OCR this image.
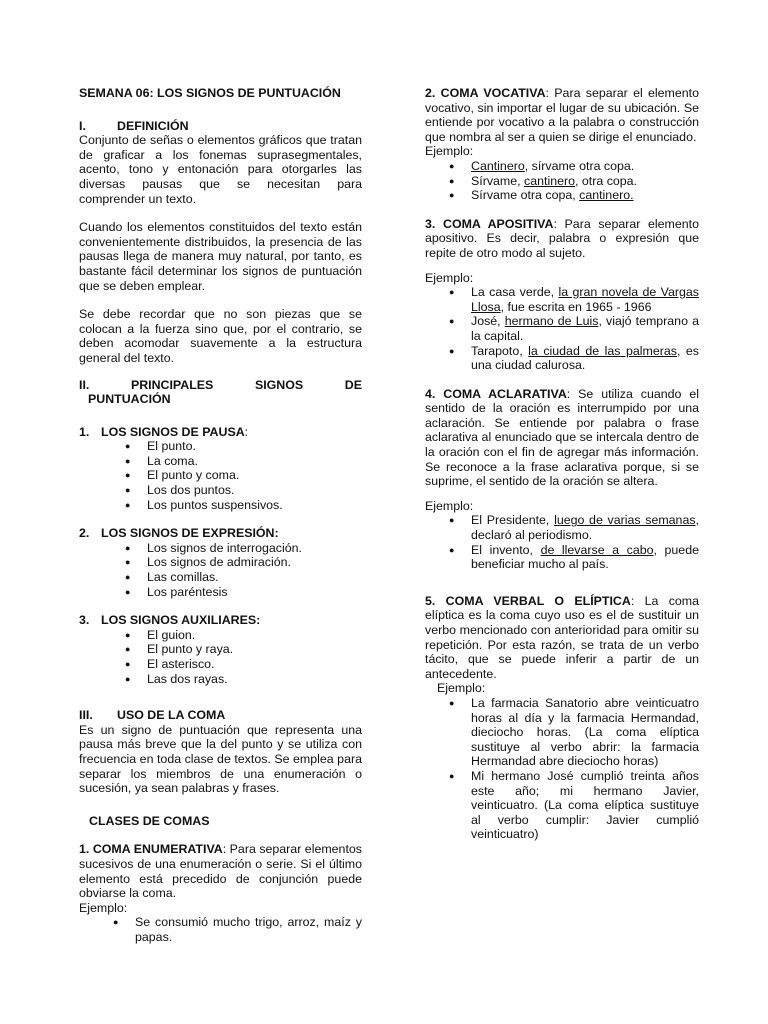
SEMANA 06: LOS SIGNOS DE PUNTUACIÓN

I.	DEFINICIÓN

Conjunto de señas o elementos gráficos que tratan de graficar a los fonemas suprasegmentales, acento, tono y entonación para otorgarles las diversas pausas que se necesitan para comprender un texto.

Cuando los elementos constituidos del texto están convenientemente distribuidos, la presencia de las pausas llega de manera muy natural, por tanto, es bastante fácil determinar los signos de puntuación que se deben emplear.

Se debe recordar que no son piezas que se colocan a la fuerza sino que, por el contrario, se deben acomodar suavemente a la estructura general del texto.

II.	PRINCIPALES	SIGNOS	DE
PUNTUACIÓN
1. LOS SIGNOS DE PAUSA:
● El punto.
● La coma.
● El punto y coma.
● Los dos puntos.
● Los puntos suspensivos.
2. LOS SIGNOS DE EXPRESIÓN:
● Los signos de interrogación.
● Los signos de admiración.
● Las comillas.
● Los paréntesis
3. LOS SIGNOS AUXILIARES:
● El guion.
● El punto y raya.
● El asterisco.
● Las dos rayas.
III.	USO DE LA COMA

Es un signo de puntuación que representa una pausa más breve que la del punto y se utiliza con frecuencia en toda clase de textos. Se emplea para separar los miembros de una enumeración o sucesión, ya sean palabras y frases.

CLASES DE COMAS

1. COMA ENUMERATIVA: Para separar elementos sucesivos de una enumeración o serie. Si el último elemento está precedido de conjunción puede obviarse la coma.

Ejemplo:

● Se consumió mucho trigo, arroz, maíz y papas.

2. COMA VOCATIVA: Para separar el elemento vocativo, sin importar el lugar de su ubicación. Se entiende por vocativo a la palabra o construcción que nombra al ser a quien se dirige el enunciado.

Ejemplo:

● Cantinero, sírvame otra copa.
● Sírvame, cantinero, otra copa.
● Sírvame otra copa, cantinero.

3. COMA APOSITIVA: Para separar elemento apositivo. Es decir, palabra o expresión que repite de otro modo al sujeto.

Ejemplo:

● La casa verde, la gran novela de Vargas Llosa, fue escrita en 1965 - 1966
● José, hermano de Luis, viajó temprano a la capital.
● Tarapoto, la ciudad de las palmeras, es una ciudad calurosa.

4. COMA ACLARATIVA: Se utiliza cuando el sentido de la oración es interrumpido por una aclaración. Se entiende por palabra o frase aclarativa al enunciado que se intercala dentro de la oración con el fin de agregar más información. Se reconoce a la frase aclarativa porque, si se suprime, el sentido de la oración se altera.

Ejemplo:

● El Presidente, luego de varias semanas, declaró al periodismo.
● El invento, de llevarse a cabo, puede beneficiar mucho al país.

5. COMA VERBAL O ELÍPTICA: La coma elíptica es la coma cuyo uso es el de sustituir un verbo mencionado con anterioridad para omitir su repetición. Por esta razón, se trata de un verbo tácito, que se puede inferir a partir de un antecedente.

Ejemplo:

● La farmacia Sanatorio abre veinticuatro horas al día y la farmacia Hermandad, dieciocho horas. (La coma elíptica sustituye al verbo abrir: la farmacia Hermandad abre dieciocho horas)
● Mi hermano José cumplió treinta años este año; mi hermano Javier, veinticuatro. (La coma elíptica sustituye al verbo cumplir: Javier cumplió veinticuatro)
